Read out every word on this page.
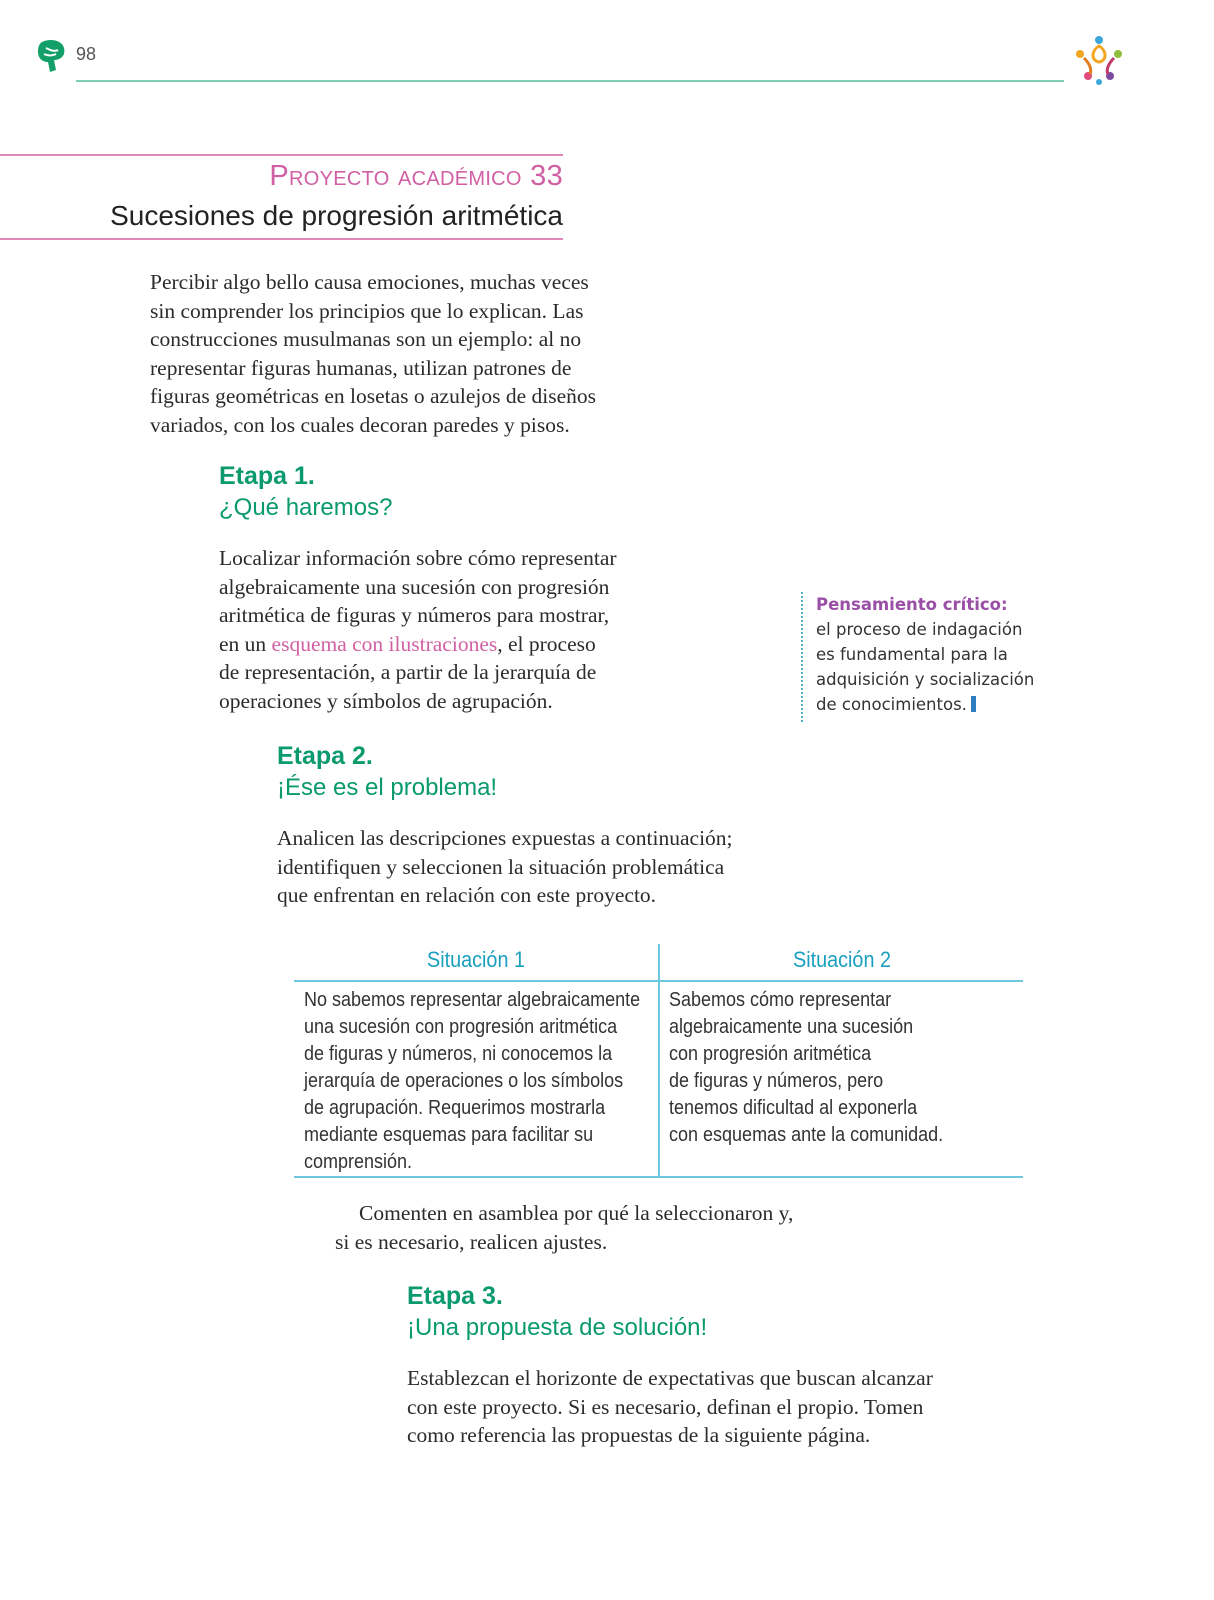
98
Proyecto académico 33
Sucesiones de progresión aritmética
Percibir algo bello causa emociones, muchas veces
sin comprender los principios que lo explican. Las
construcciones musulmanas son un ejemplo: al no
representar figuras humanas, utilizan patrones de
figuras geométricas en losetas o azulejos de diseños
variados, con los cuales decoran paredes y pisos.
Etapa 1.
¿Qué haremos?
Localizar información sobre cómo representar
algebraicamente una sucesión con progresión
aritmética de figuras y números para mostrar,
en un esquema con ilustraciones, el proceso
de representación, a partir de la jerarquía de
operaciones y símbolos de agrupación.
Pensamiento crítico:
el proceso de indagación
es fundamental para la
adquisición y socialización
de conocimientos.
Etapa 2.
¡Ése es el problema!
Analicen las descripciones expuestas a continuación;
identifiquen y seleccionen la situación problemática
que enfrentan en relación con este proyecto.
Situación 1	Situación 2
No sabemos representar algebraicamente
una sucesión con progresión aritmética
de figuras y números, ni conocemos la
jerarquía de operaciones o los símbolos
de agrupación. Requerimos mostrarla
mediante esquemas para facilitar su
comprensión.
Sabemos cómo representar
algebraicamente una sucesión
con progresión aritmética
de figuras y números, pero
tenemos dificultad al exponerla
con esquemas ante la comunidad.
Comenten en asamblea por qué la seleccionaron y,
si es necesario, realicen ajustes.
Etapa 3.
¡Una propuesta de solución!
Establezcan el horizonte de expectativas que buscan alcanzar
con este proyecto. Si es necesario, definan el propio. Tomen
como referencia las propuestas de la siguiente página.
